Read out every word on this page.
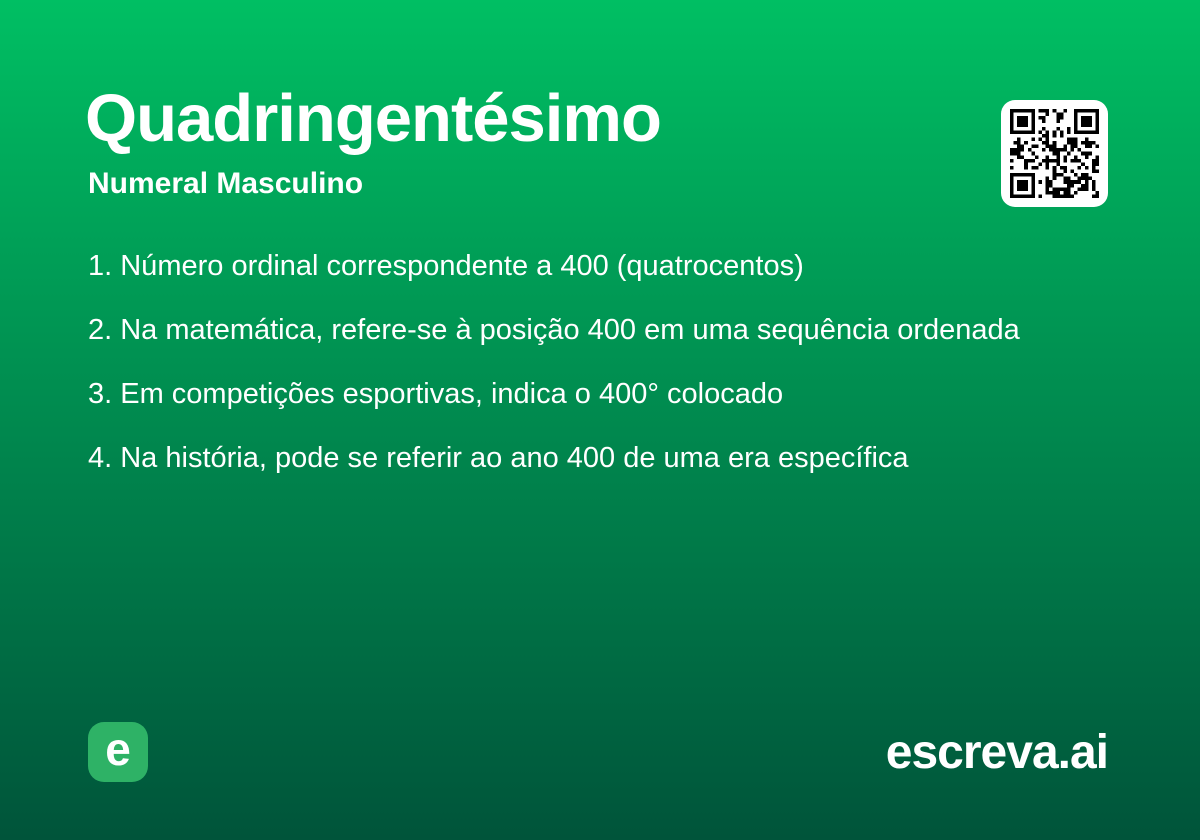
Quadringentésimo
Numeral Masculino

1. Número ordinal correspondente a 400 (quatrocentos)

2. Na matemática, refere-se à posição 400 em uma sequência ordenada

3. Em competições esportivas, indica o 400° colocado

4. Na história, pode se referir ao ano 400 de uma era específica

e	escreva.ai
